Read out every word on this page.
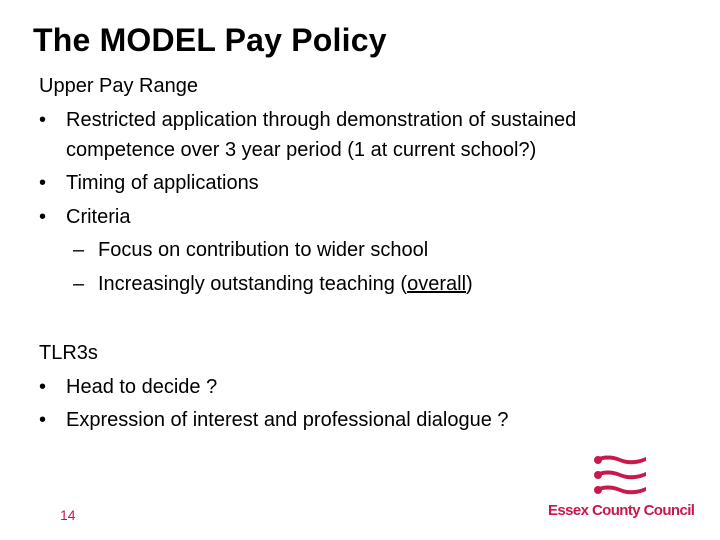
The MODEL Pay Policy
Upper Pay Range
• Restricted application through demonstration of sustained
competence over 3 year period (1 at current school?)
• Timing of applications
• Criteria
– Focus on contribution to wider school
– Increasingly outstanding teaching (overall)
TLR3s
• Head to decide ?
• Expression of interest and professional dialogue ?
14	Essex County Council
